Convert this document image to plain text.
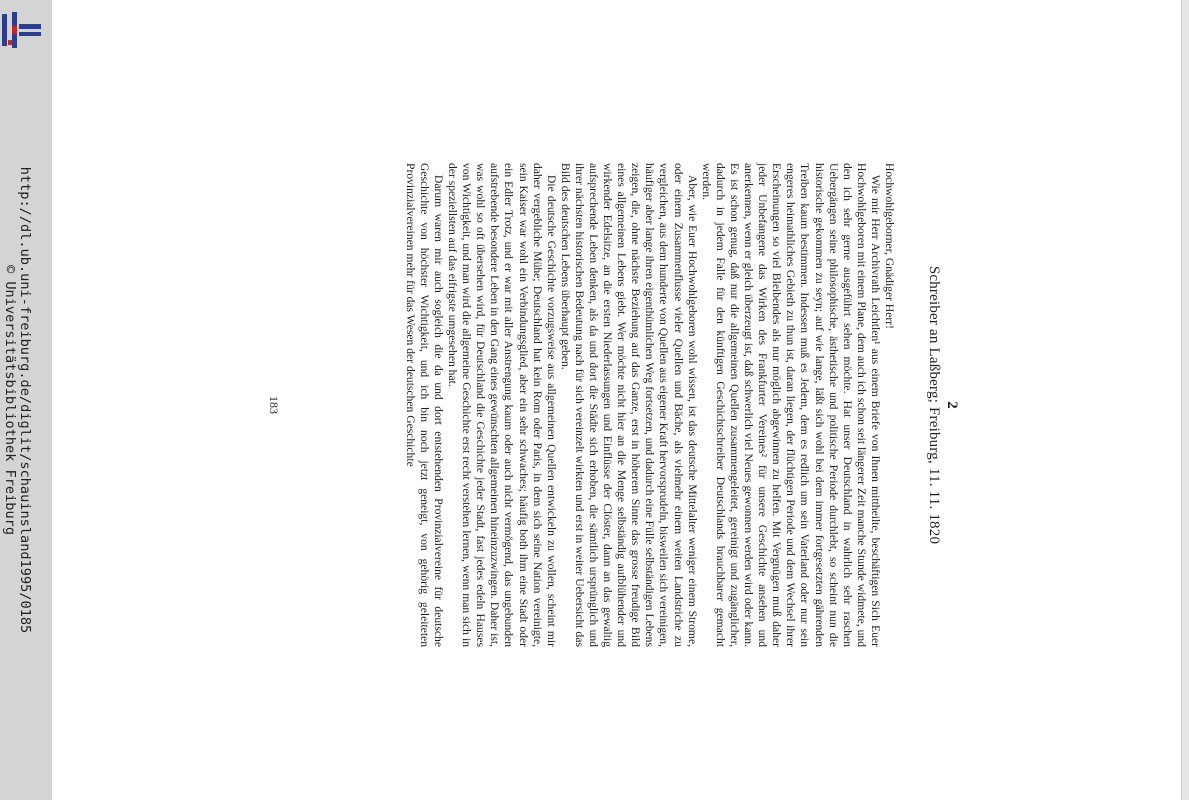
http://dl.ub.uni-freiburg.de/diglit/schauinsland1995/0185
© Universitätsbibliothek Freiburg	2
Schreiber an Laßberg; Freiburg, 11. 11. 1820

Hochwohlgeborner, Gnädiger Herr!

Wie mir Herr Archivrath Leichtlen¹ aus einem Briefe von Ihnen mittheilte, beschäftigen Sich Euer Hochwohlgeboren mit einem Plane, dem auch ich schon seit längerer Zeit manche Stunde widmete, und den ich sehr gerne ausgeführt sehen möchte. Hat unser Deutschland in wahrlich sehr raschen Uebergängen seine philosophische, ästhetische und politische Periode durchlebt, so scheint nun die historische gekommen zu seyn; auf wie lange, läßt sich wohl bei dem immer fortgesetzten gährenden Treiben kaum bestimmen. Indessen muß es Jedem, dem es redlich um sein Vaterland oder nur sein engeres heimathliches Gebieth zu thun ist, daran liegen, der flüchtigen Periode und dem Wechsel ihrer Erscheinungen so viel Bleibendes als nur möglich abgewinnen zu helfen. Mit Vergnügen muß daher jeder Unbefangene das Wirken des Frankfurter Vereines² für unsere Geschichte ansehen und anerkennen, wenn er gleich überzeugt ist, daß schwerlich viel Neues gewonnen werden wird oder kann. Es ist schon genug, daß nur die allgemeinen Quellen zusammengeleitet, gereinigt und zugänglicher, dadurch in jedem Falle für den künftigen Geschichtschreiber Deutschlands brauchbarer gemacht werden.

Aber, wie Euer Hochwohlgeboren wohl wissen, ist das deutsche Mittelalter weniger einem Strome, oder einem Zusammenflusse vieler Quellen und Bäche, als vielmehr einem weiten Landstriche zu vergleichen, aus dem hunderte von Quellen aus eigener Kraft hervorsprudeln, bisweilen sich vereinigen, häufiger aber lange ihren eigenthümlichen Weg fortsetzen, und dadurch eine Fülle selbständigen Lebens zeigen, die, ohne nächste Beziehung auf das Ganze, erst in höherem Sinne das grosse freudige Bild eines allgemeinen Lebens giebt. Wer möchte nicht hier an die Menge selbständig aufblühender und wirkender Edelsitze, an die ersten Niederlassungen und Einflüsse der Clöster, dann an das gewaltig aufsprechende Leben denken, als da und dort die Städte sich erhoben, die sämtlich ursprünglich und ihrer nächsten historischen Bedeutung nach für sich vereinzelt wirkten und erst in weiter Uebersicht das Bild des deutschen Lebens überhaupt geben.

Die deutsche Geschichte vorzugsweise aus allgemeinen Quellen entwickeln zu wollen, scheint mir daher vergebliche Mühe; Deutschland hat kein Rom oder Paris, in dem sich seine Nation vereinigte, sein Kaiser war wohl ein Verbindungsglied, aber ein sehr schwaches; häufig both ihm eine Stadt oder ein Edler Trotz, und er war mit aller Anstrengung kaum oder auch nicht vermögend, das ungebunden aufstrebende besondere Leben in den Gang eines gewünschten allgemeinen hineinzuzwingen. Daher ist, was wohl so oft übersehen wird, für Deutschland die Geschichte jeder Stadt, fast jedes edeln Hauses von Wichtigkeit, und man wird die allgemeine Geschichte erst recht verstehen lernen, wenn man sich in der speziellsten auf das eifrigste umgesehen hat.

Darum waren mir auch sogleich die da und dort entstehenden Provinzialvereine für deutsche Geschichte von höchster Wichtigkeit, und ich bin noch jetzt geneigt, von gehörig geleiteten Provinzialvereinen mehr für das Wesen der deutschen Geschichte

183
